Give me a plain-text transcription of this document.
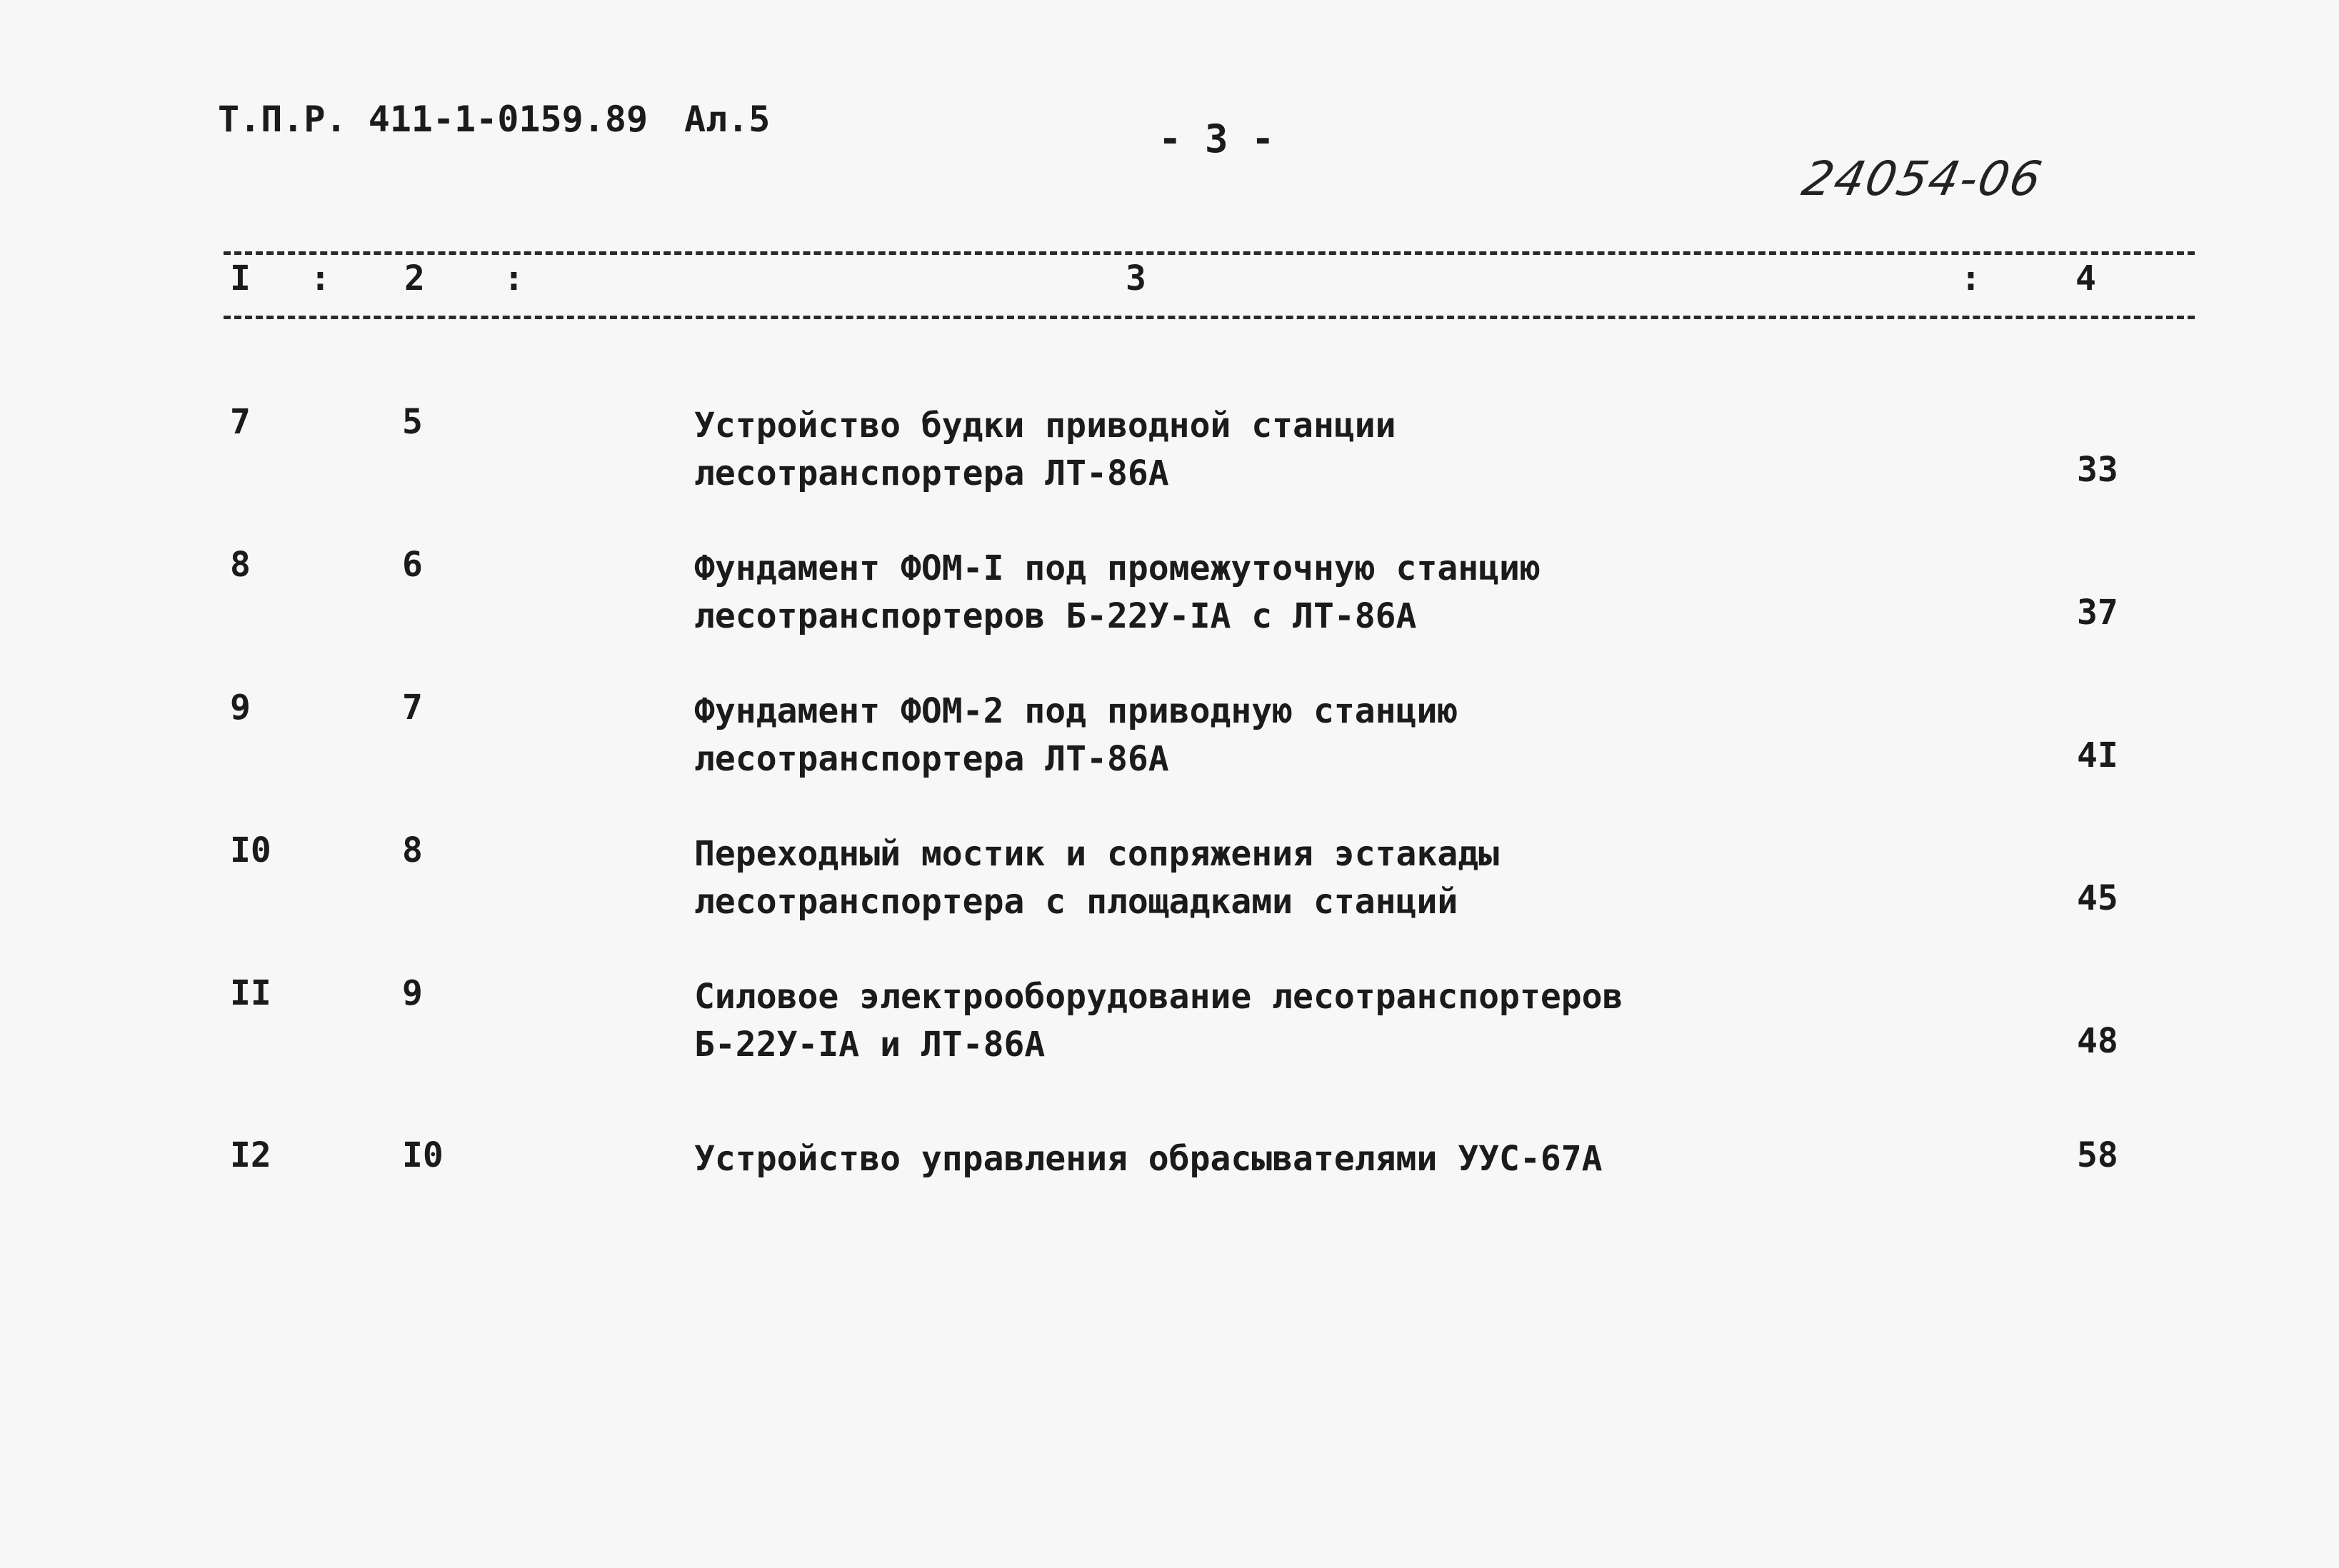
Т.П.Р. 411-1-0159.89 Ал.5	- 3 -
24054-06
I : 2 :	3	:	4
7	5	Устройство будки приводной станции
лесотранспортера ЛТ-86А	33
8	6	Фундамент ФОМ-I под промежуточную станцию
лесотранспортеров Б-22У-IА с ЛТ-86А	37
9	7	Фундамент ФОМ-2 под приводную станцию
лесотранспортера ЛТ-86А	4I
I0	8	Переходный мостик и сопряжения эстакады
лесотранспортера с площадками станций	45
II	9	Силовое электрооборудование лесотранспортеров
Б-22У-IА и ЛТ-86А	48
I2	I0	Устройство управления обрасывателями УУС-67А	58
